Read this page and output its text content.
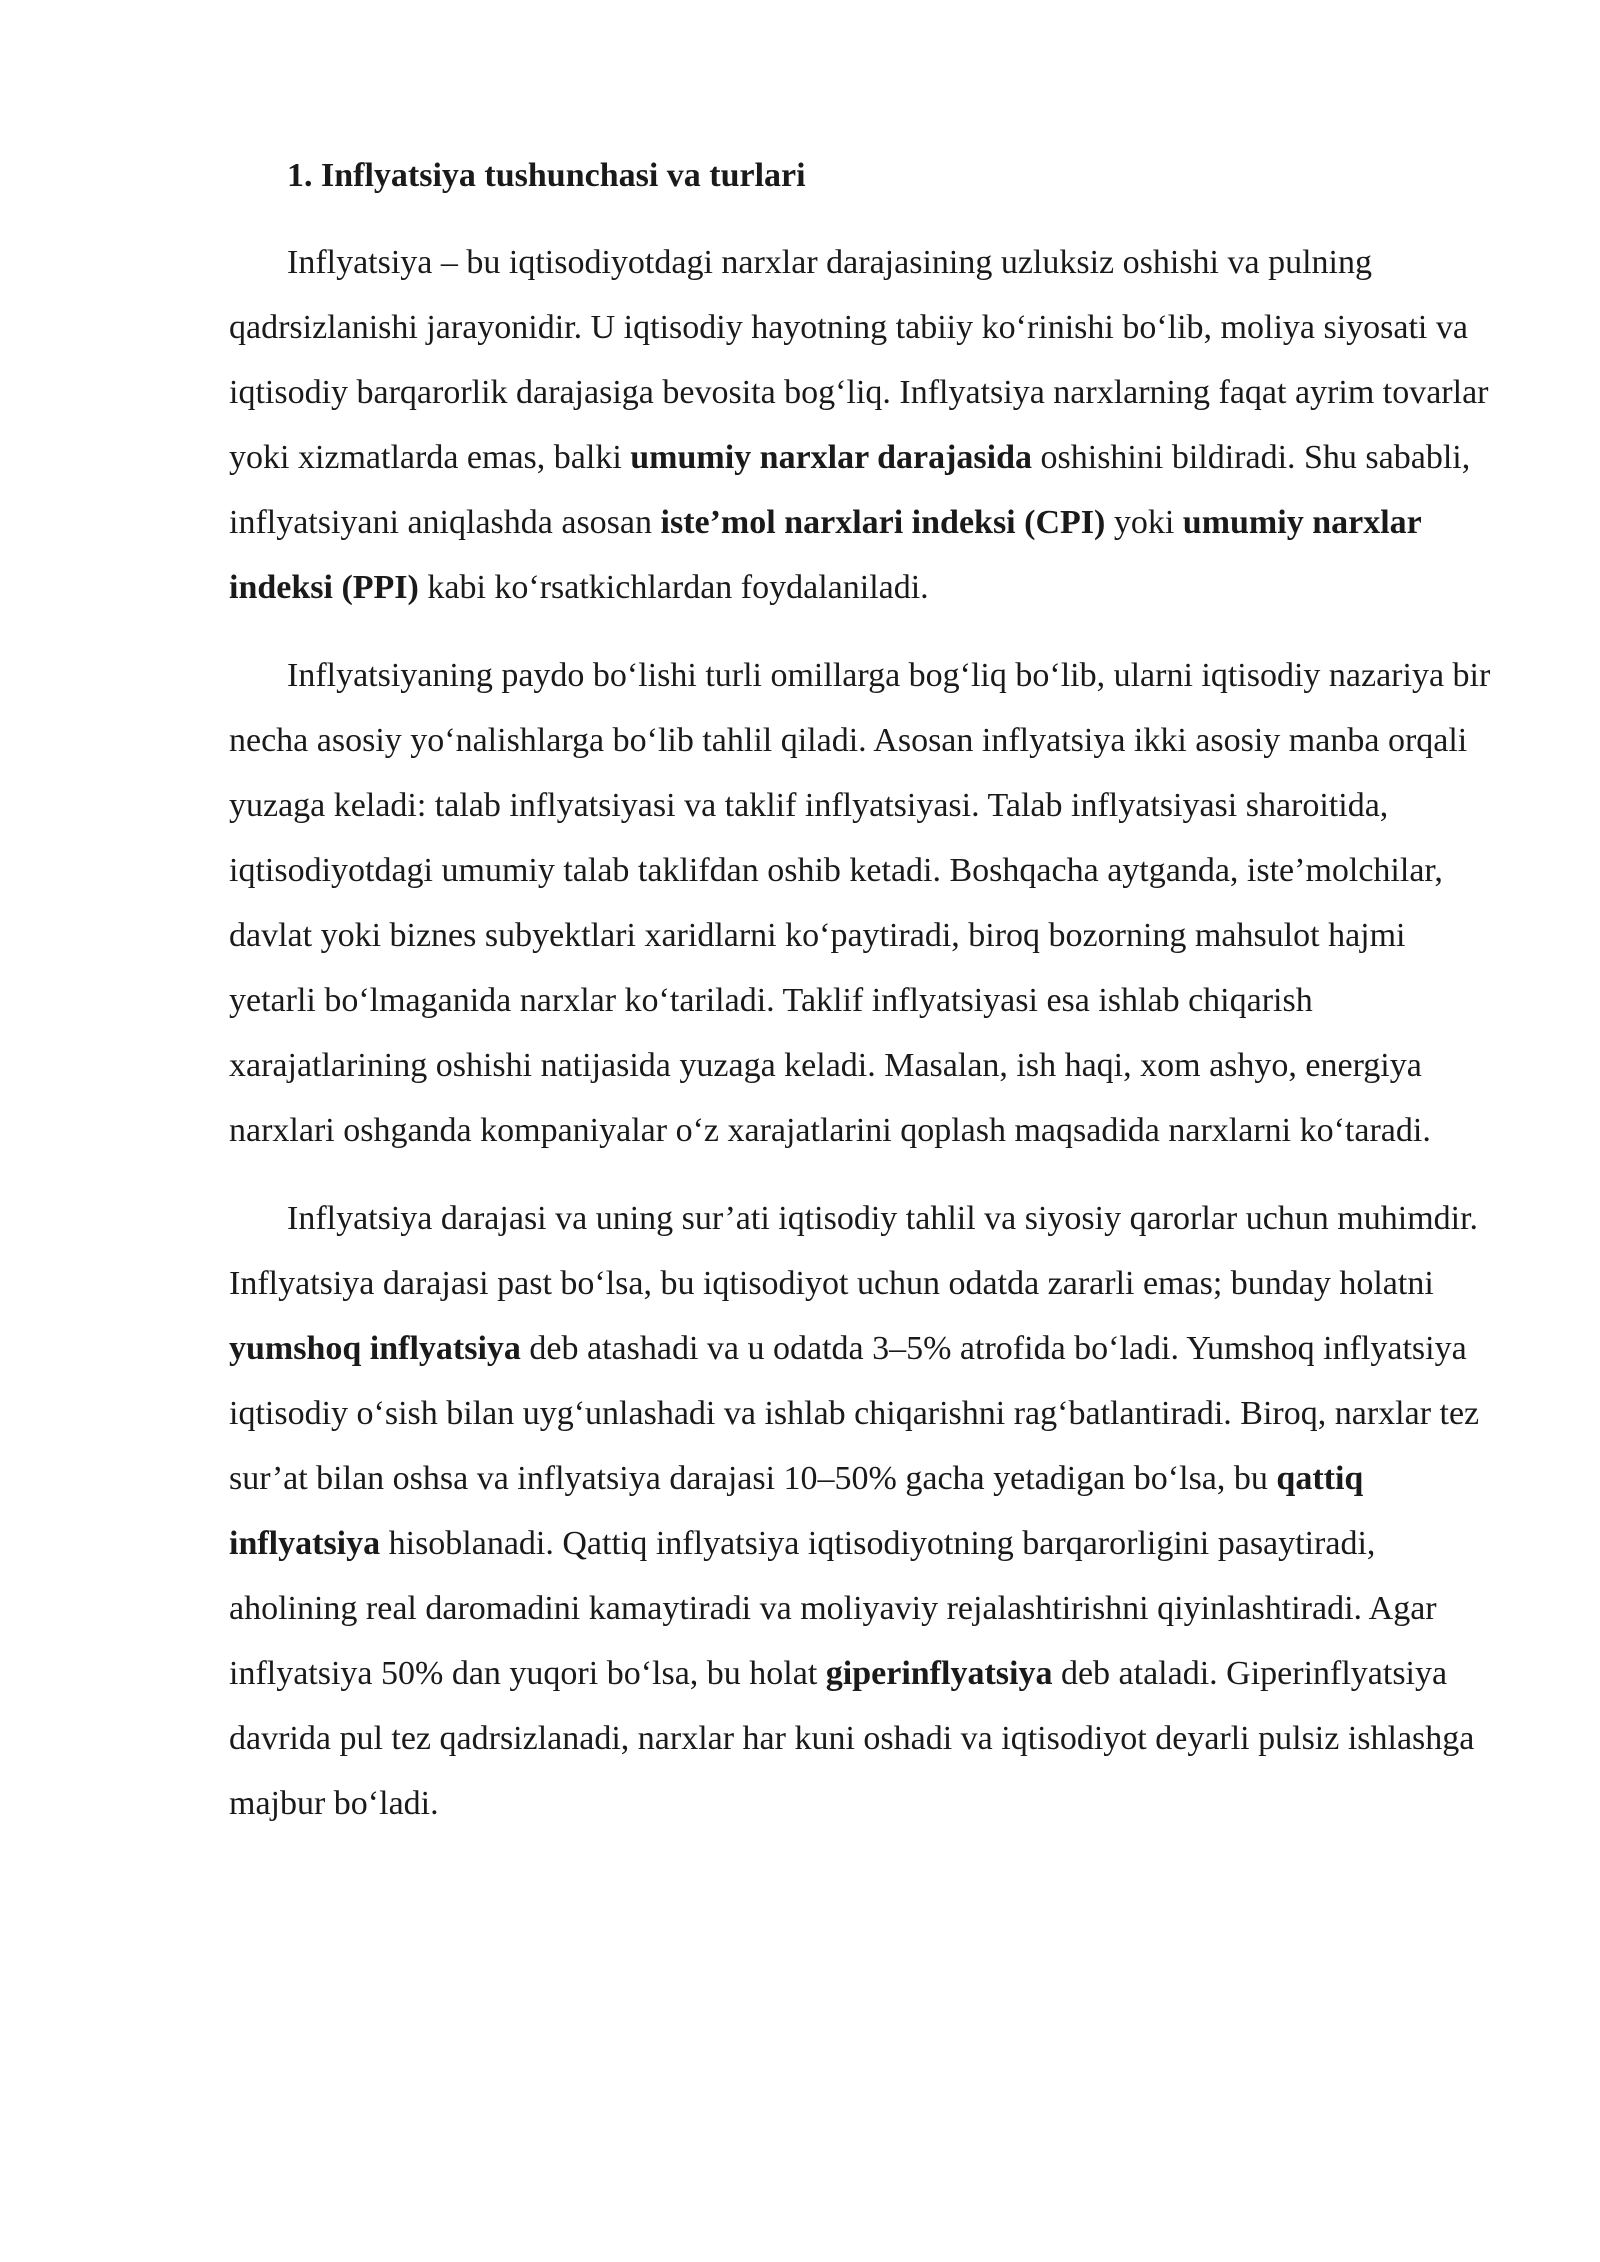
1. Inflyatsiya tushunchasi va turlari

Inflyatsiya – bu iqtisodiyotdagi narxlar darajasining uzluksiz oshishi va pulning qadrsizlanishi jarayonidir. U iqtisodiy hayotning tabiiy koʻrinishi boʻlib, moliya siyosati va iqtisodiy barqarorlik darajasiga bevosita bogʻliq. Inflyatsiya narxlarning faqat ayrim tovarlar yoki xizmatlarda emas, balki umumiy narxlar darajasida oshishini bildiradi. Shu sababli, inflyatsiyani aniqlashda asosan iste’mol narxlari indeksi (CPI) yoki umumiy narxlar indeksi (PPI) kabi koʻrsatkichlardan foydalaniladi.

Inflyatsiyaning paydo boʻlishi turli omillarga bogʻliq boʻlib, ularni iqtisodiy nazariya bir necha asosiy yoʻnalishlarga boʻlib tahlil qiladi. Asosan inflyatsiya ikki asosiy manba orqali yuzaga keladi: talab inflyatsiyasi va taklif inflyatsiyasi. Talab inflyatsiyasi sharoitida, iqtisodiyotdagi umumiy talab taklifdan oshib ketadi. Boshqacha aytganda, iste’molchilar, davlat yoki biznes subyektlari xaridlarni koʻpaytiradi, biroq bozorning mahsulot hajmi yetarli boʻlmaganida narxlar koʻtariladi. Taklif inflyatsiyasi esa ishlab chiqarish xarajatlarining oshishi natijasida yuzaga keladi. Masalan, ish haqi, xom ashyo, energiya narxlari oshganda kompaniyalar oʻz xarajatlarini qoplash maqsadida narxlarni koʻtaradi.

Inflyatsiya darajasi va uning sur’ati iqtisodiy tahlil va siyosiy qarorlar uchun muhimdir. Inflyatsiya darajasi past boʻlsa, bu iqtisodiyot uchun odatda zararli emas; bunday holatni yumshoq inflyatsiya deb atashadi va u odatda 3–5% atrofida boʻladi. Yumshoq inflyatsiya iqtisodiy oʻsish bilan uygʻunlashadi va ishlab chiqarishni ragʻbatlantiradi. Biroq, narxlar tez sur’at bilan oshsa va inflyatsiya darajasi 10–50% gacha yetadigan boʻlsa, bu qattiq inflyatsiya hisoblanadi. Qattiq inflyatsiya iqtisodiyotning barqarorligini pasaytiradi, aholining real daromadini kamaytiradi va moliyaviy rejalashtirishni qiyinlashtiradi. Agar inflyatsiya 50% dan yuqori boʻlsa, bu holat giperinflyatsiya deb ataladi. Giperinflyatsiya davrida pul tez qadrsizlanadi, narxlar har kuni oshadi va iqtisodiyot deyarli pulsiz ishlashga majbur boʻladi.
